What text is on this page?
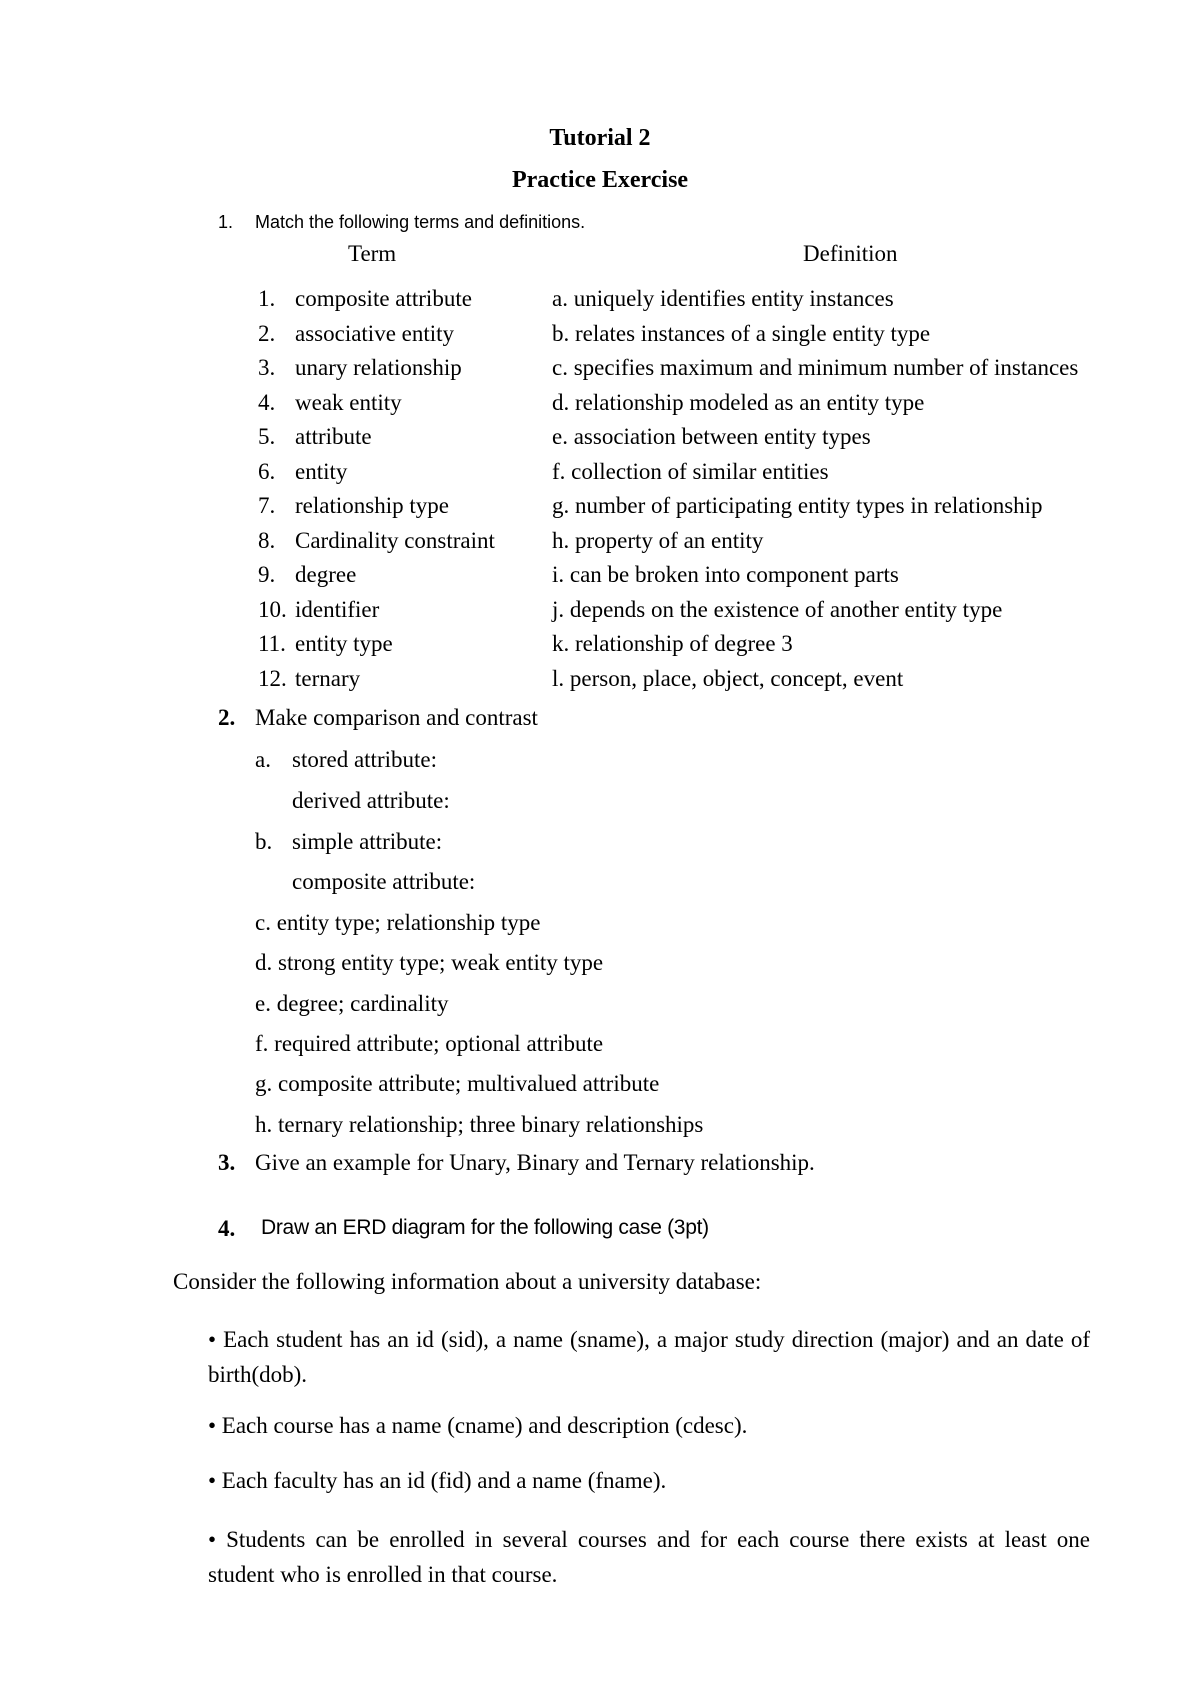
Tutorial 2
Practice Exercise
1. Match the following terms and definitions.
Term	Definition
1. composite attribute
2. associative entity
3. unary relationship
4. weak entity
5. attribute
6. entity
7. relationship type
8. Cardinality constraint
9. degree
10. identifier
11. entity type
12. ternary
a. uniquely identifies entity instances
b. relates instances of a single entity type
c. specifies maximum and minimum number of instances
d. relationship modeled as an entity type
e. association between entity types
f. collection of similar entities
g. number of participating entity types in relationship
h. property of an entity
i. can be broken into component parts
j. depends on the existence of another entity type
k. relationship of degree 3
l. person, place, object, concept, event
2. Make comparison and contrast
a. stored attribute:
derived attribute:
b. simple attribute:
composite attribute:
c. entity type; relationship type
d. strong entity type; weak entity type
e. degree; cardinality
f. required attribute; optional attribute
g. composite attribute; multivalued attribute
h. ternary relationship; three binary relationships
3. Give an example for Unary, Binary and Ternary relationship.
4. Draw an ERD diagram for the following case (3pt)
Consider the following information about a university database:
• Each student has an id (sid), a name (sname), a major study direction (major) and an date of birth(dob).
• Each course has a name (cname) and description (cdesc).
• Each faculty has an id (fid) and a name (fname).
• Students can be enrolled in several courses and for each course there exists at least one student who is enrolled in that course.
